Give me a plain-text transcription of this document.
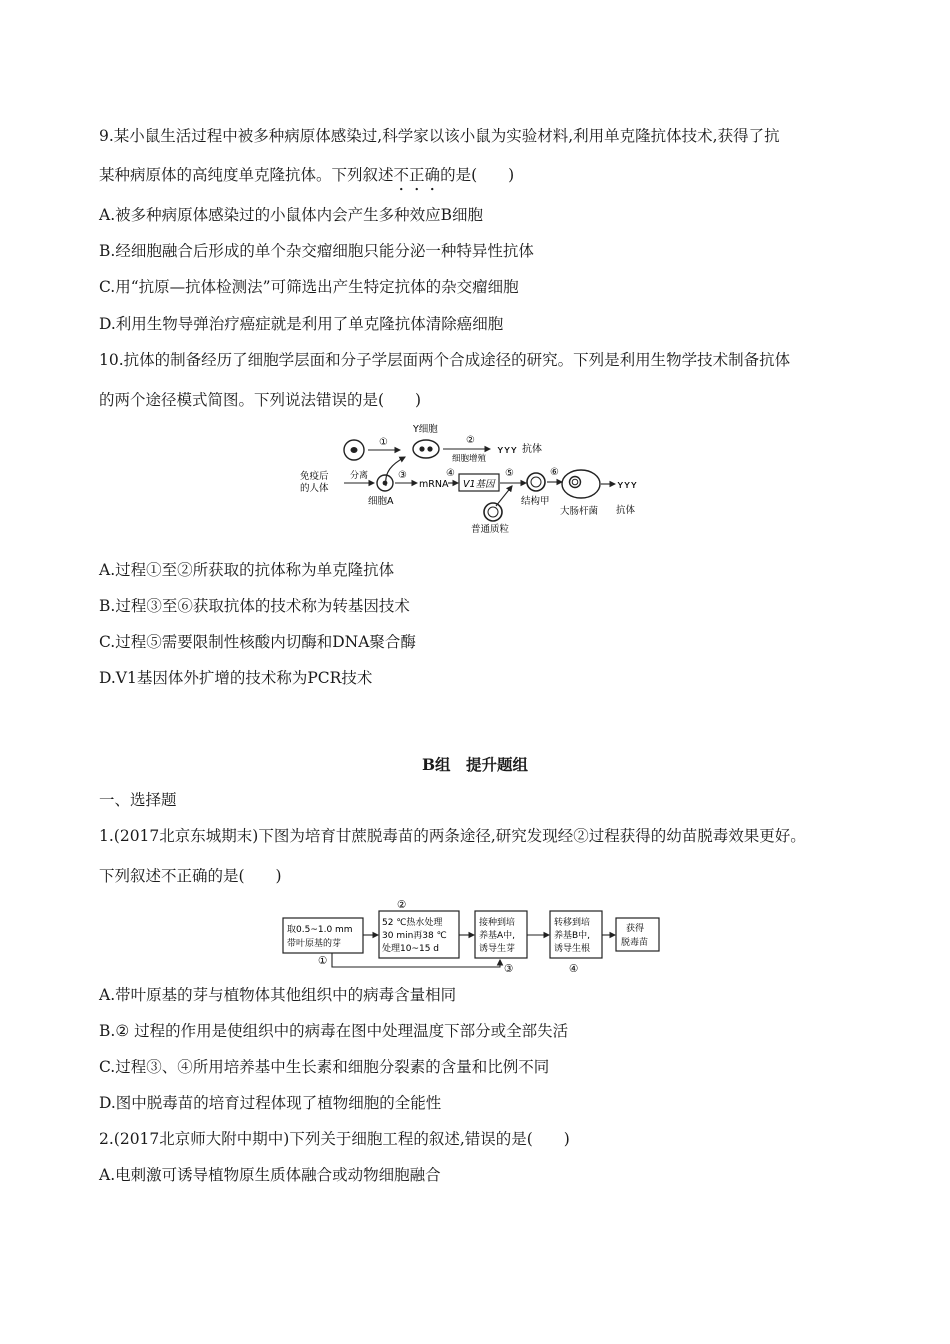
9.某小鼠生活过程中被多种病原体感染过,科学家以该小鼠为实验材料,利用单克隆抗体技术,获得了抗
某种病原体的高纯度单克隆抗体。下列叙述不正确的是(　　)
A.被多种病原体感染过的小鼠体内会产生多种效应B细胞
B.经细胞融合后形成的单个杂交瘤细胞只能分泌一种特异性抗体
C.用“抗原—抗体检测法”可筛选出产生特定抗体的杂交瘤细胞
D.利用生物导弹治疗癌症就是利用了单克隆抗体清除癌细胞
10.抗体的制备经历了细胞学层面和分子学层面两个合成途径的研究。下列是利用生物学技术制备抗体
的两个途径模式简图。下列说法错误的是(　　)
①
Y细胞
②
细胞增殖
ʏʏʏ 抗体
免疫后
的人体
分离
细胞A
③
mRNA
④
V1基因
⑤
普通质粒
结构甲
⑥
大肠杆菌
ʏʏʏ
抗体
A.过程①至②所获取的抗体称为单克隆抗体
B.过程③至⑥获取抗体的技术称为转基因技术
C.过程⑤需要限制性核酸内切酶和DNA聚合酶
D.V1基因体外扩增的技术称为PCR技术
B组　提升题组
一、选择题
1.(2017北京东城期末)下图为培育甘蔗脱毒苗的两条途径,研究发现经②过程获得的幼苗脱毒效果更好。
下列叙述不正确的是(　　)
②
取0.5~1.0 mm
带叶原基的芽
52 ℃热水处理
30 min再38 ℃
处理10~15 d
接种到培
养基A中,
诱导生芽
转移到培
养基B中,
诱导生根
获得
脱毒苗
①
③	④
A.带叶原基的芽与植物体其他组织中的病毒含量相同
B.② 过程的作用是使组织中的病毒在图中处理温度下部分或全部失活
C.过程③、④所用培养基中生长素和细胞分裂素的含量和比例不同
D.图中脱毒苗的培育过程体现了植物细胞的全能性
2.(2017北京师大附中期中)下列关于细胞工程的叙述,错误的是(　　)
A.电刺激可诱导植物原生质体融合或动物细胞融合
